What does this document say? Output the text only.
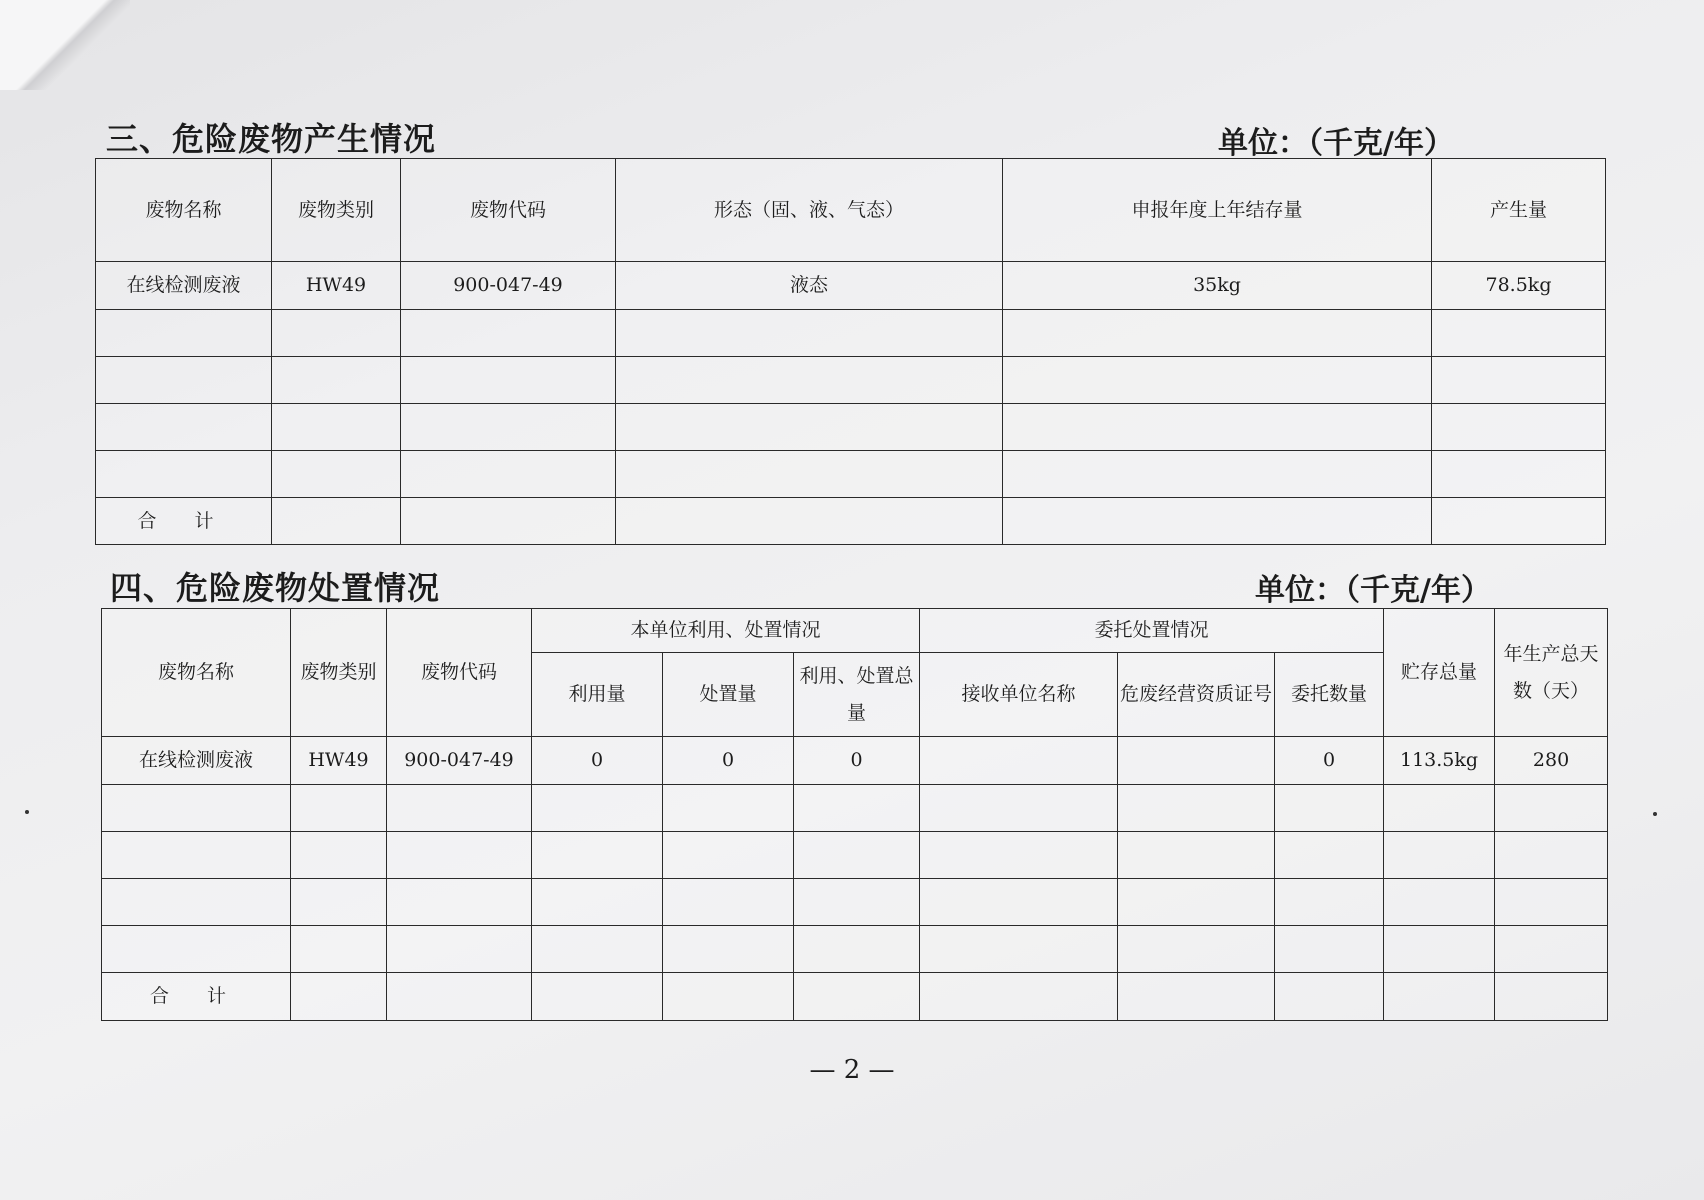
三、危险废物产生情况	单位：（千克/年）
废物名称	废物类别	废物代码	形态（固、液、气态）	申报年度上年结存量	产生量
在线检测废液	HW49	900-047-49	液态	35kg	78.5kg

合 计					
四、危险废物处置情况	单位：（千克/年）
废物名称	废物类别	废物代码	本单位利用、处置情况			委托处置情况			贮存总量	年生产总天数（天）
			利用量	处置量	利用、处置总量	接收单位名称	危废经营资质证号	委托数量		
在线检测废液	HW49	900-047-49	0	0	0			0	113.5kg	280

合 计										
— 2 —
